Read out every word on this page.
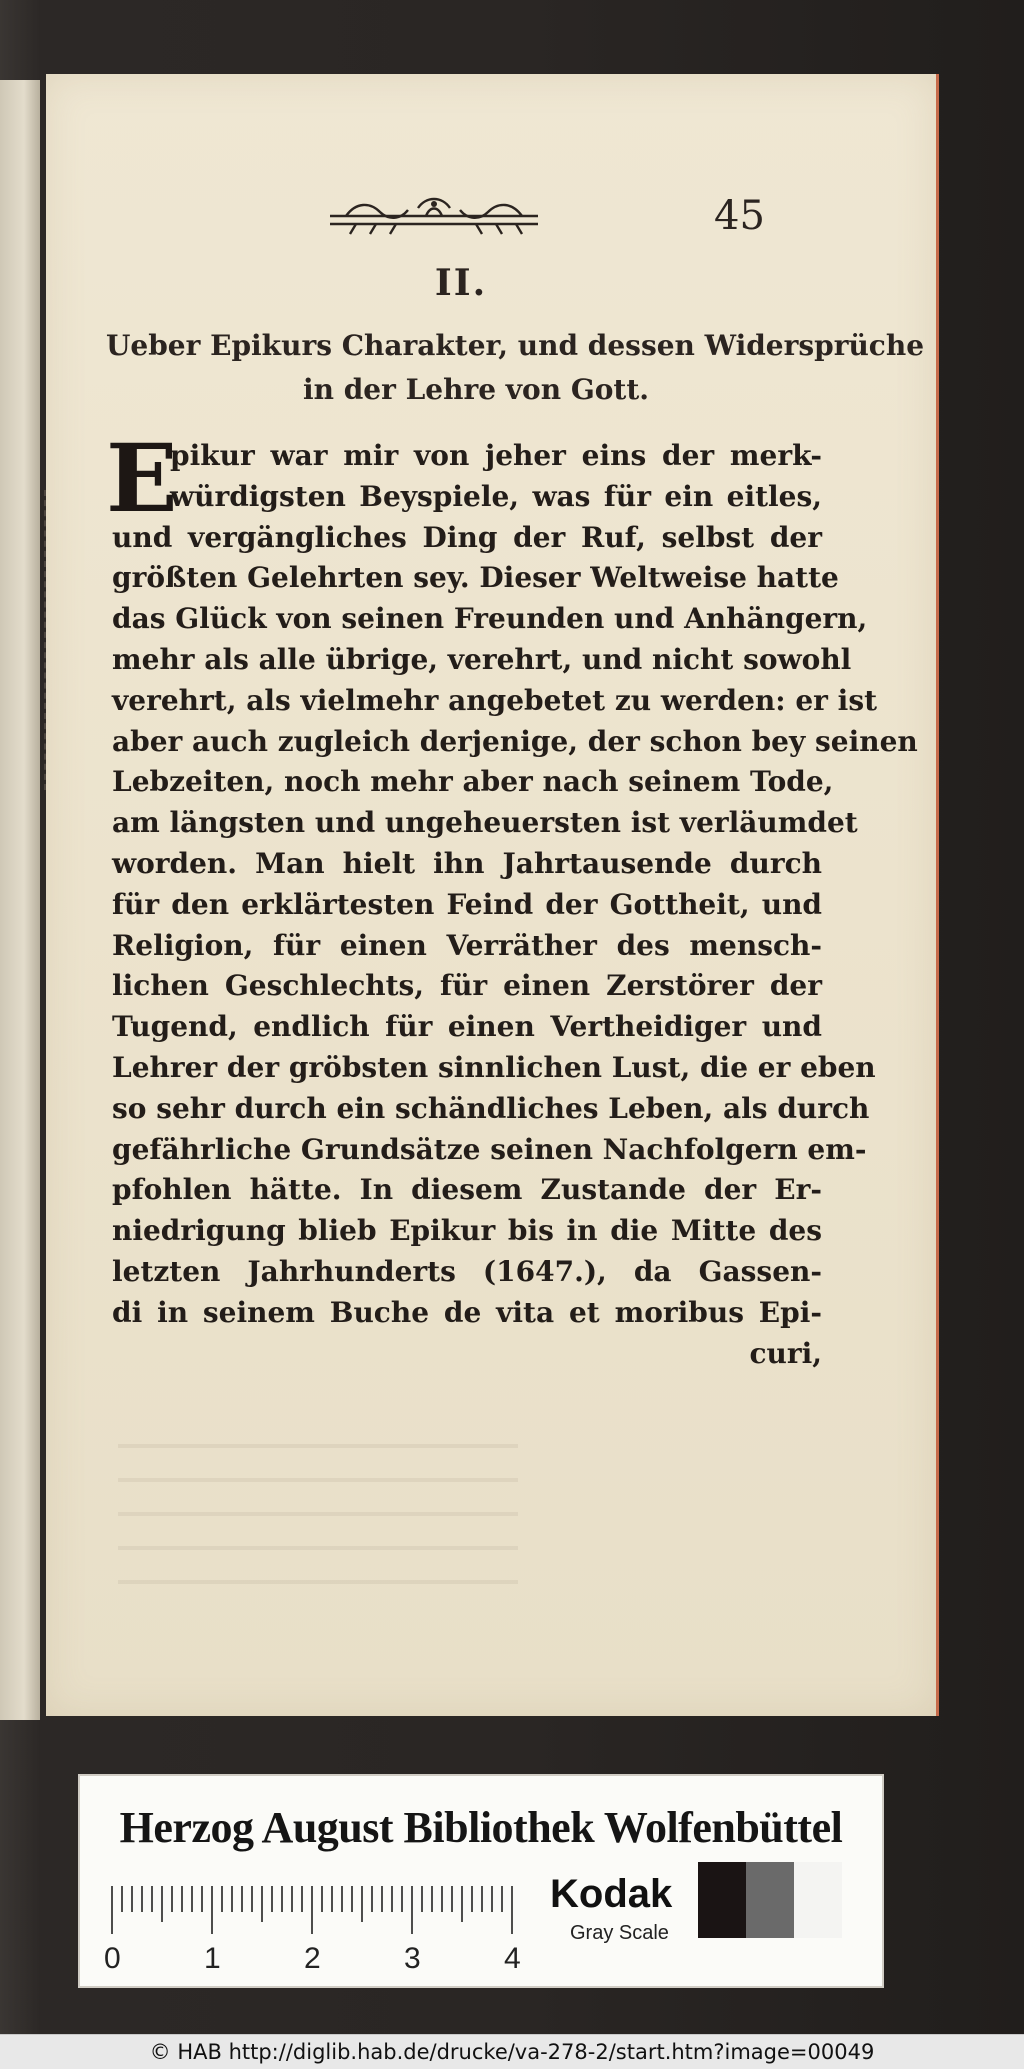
45
II.
Ueber Epikurs Charakter, und dessen Widersprüche
in der Lehre von Gott.
E
pikur war mir von jeher eins der merk-
würdigsten Beyspiele, was für ein eitles,
und vergängliches Ding der Ruf, selbst der
größten Gelehrten sey. Dieser Weltweise hatte
das Glück von seinen Freunden und Anhängern,
mehr als alle übrige, verehrt, und nicht sowohl
verehrt, als vielmehr angebetet zu werden: er ist
aber auch zugleich derjenige, der schon bey seinen
Lebzeiten, noch mehr aber nach seinem Tode,
am längsten und ungeheuersten ist verläumdet
worden. Man hielt ihn Jahrtausende durch
für den erklärtesten Feind der Gottheit, und
Religion, für einen Verräther des mensch-
lichen Geschlechts, für einen Zerstörer der
Tugend, endlich für einen Vertheidiger und
Lehrer der gröbsten sinnlichen Lust, die er eben
so sehr durch ein schändliches Leben, als durch
gefährliche Grundsätze seinen Nachfolgern em-
pfohlen hätte. In diesem Zustande der Er-
niedrigung blieb Epikur bis in die Mitte des
letzten Jahrhunderts (1647.), da Gassen-
di in seinem Buche de vita et moribus Epi-
curi,
Herzog August Bibliothek Wolfenbüttel
0	1	2	3	4
Kodak
Gray Scale
© HAB http://diglib.hab.de/drucke/va-278-2/start.htm?image=00049
